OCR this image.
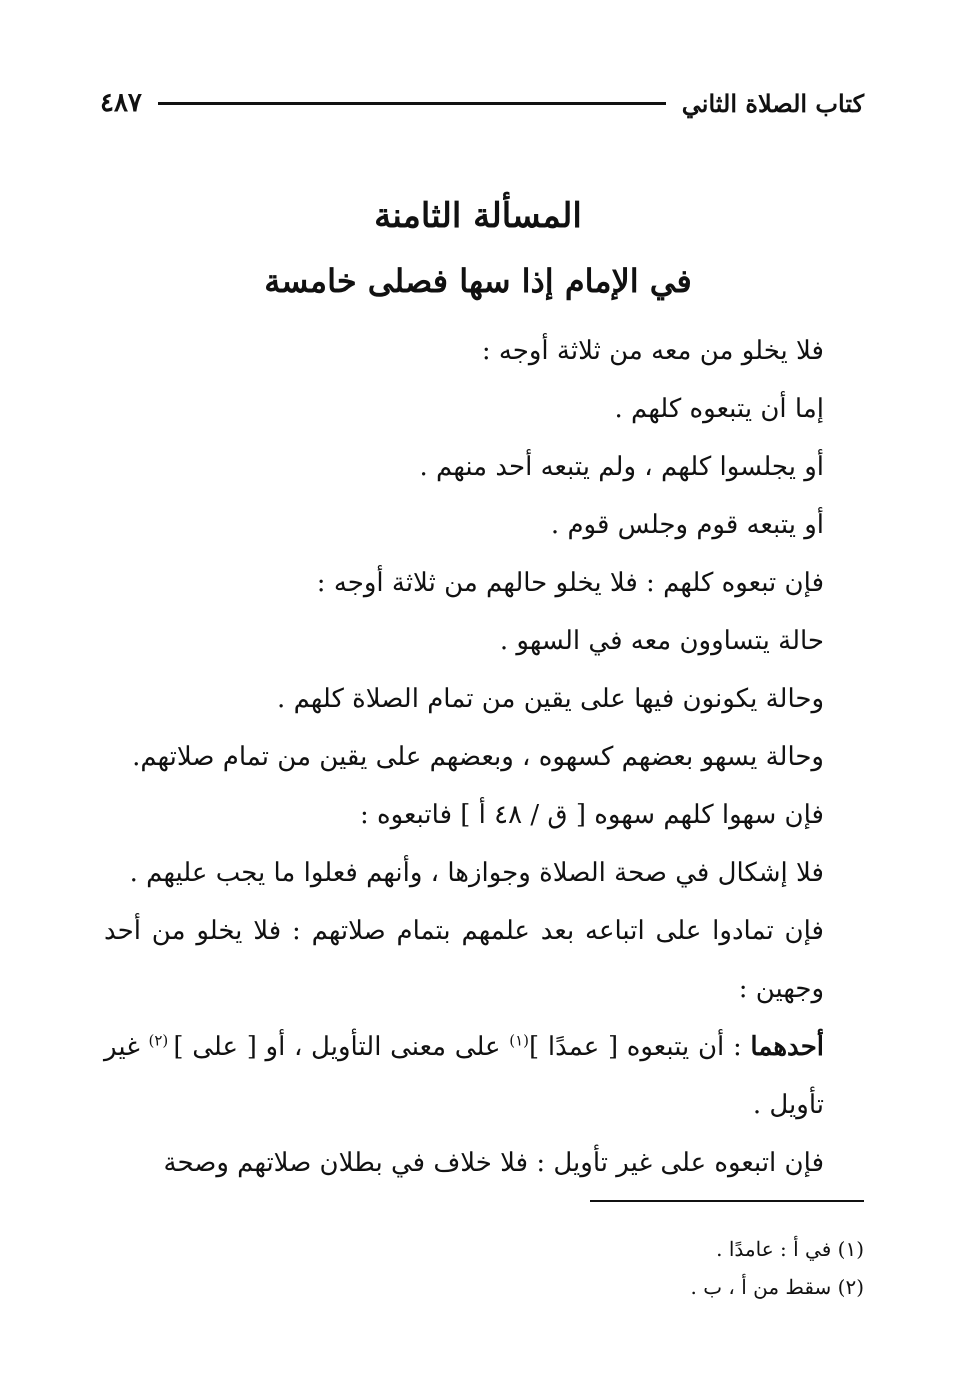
كتاب الصلاة الثاني
٤٨٧
المسألة الثامنة
في الإمام إذا سها فصلى خامسة

فلا يخلو من معه من ثلاثة أوجه :

إما أن يتبعوه كلهم .

أو يجلسوا كلهم ، ولم يتبعه أحد منهم .

أو يتبعه قوم وجلس قوم .

فإن تبعوه كلهم : فلا يخلو حالهم من ثلاثة أوجه :

حالة يتساوون معه في السهو .

وحالة يكونون فيها على يقين من تمام الصلاة كلهم .

وحالة يسهو بعضهم كسهوه ، وبعضهم على يقين من تمام صلاتهم.

فإن سهوا كلهم سهوه [ ق / ٤٨ أ ] فاتبعوه :

فلا إشكال في صحة الصلاة وجوازها ، وأنهم فعلوا ما يجب عليهم .

فإن تمادوا على اتباعه بعد علمهم بتمام صلاتهم : فلا يخلو من أحد وجهين :

أحدهما : أن يتبعوه [ عمدًا ]$^{(١)}$ على معنى التأويل ، أو [ على ] $^{(٢)}$ غير تأويل .

فإن اتبعوه على غير تأويل : فلا خلاف في بطلان صلاتهم وصحة

(١) في أ : عامدًا .
(٢) سقط من أ ، ب .
